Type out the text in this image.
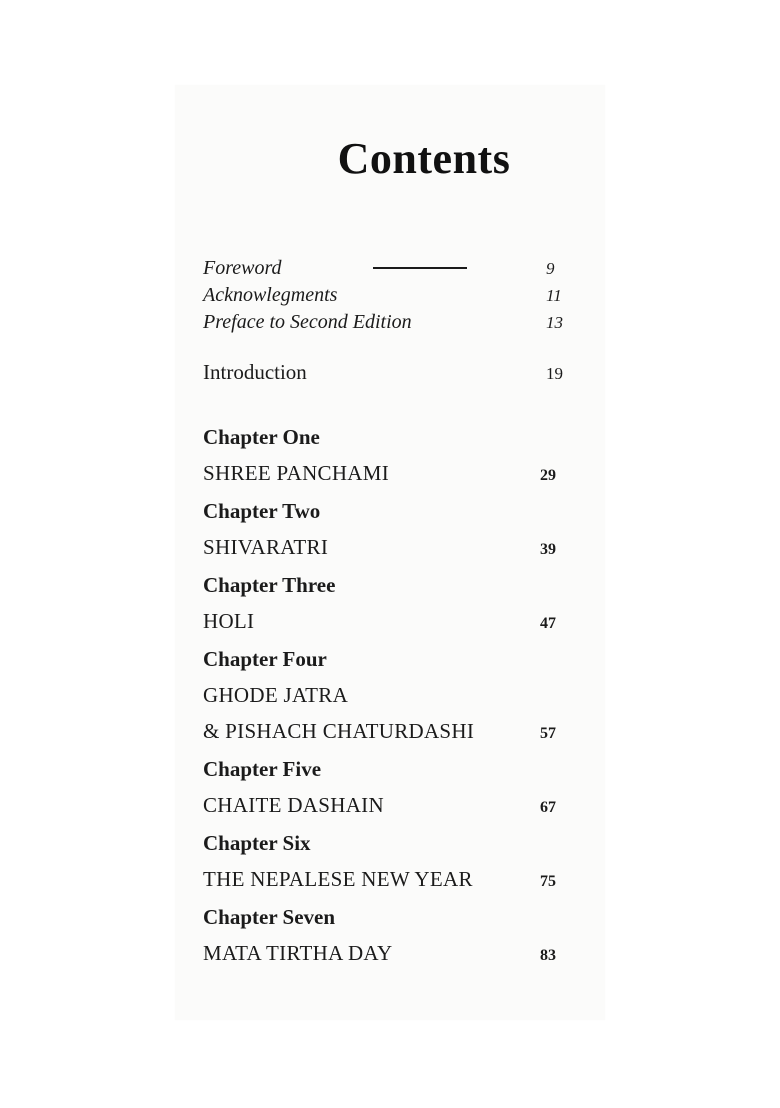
Contents
Foreword	9
Acknowlegments	11
Preface to Second Edition	13
Introduction	19
Chapter One
SHREE PANCHAMI	29
Chapter Two
SHIVARATRI	39
Chapter Three
HOLI	47
Chapter Four
GHODE JATRA
& PISHACH CHATURDASHI	57
Chapter Five
CHAITE DASHAIN	67
Chapter Six
THE NEPALESE NEW YEAR	75
Chapter Seven
MATA TIRTHA DAY	83
